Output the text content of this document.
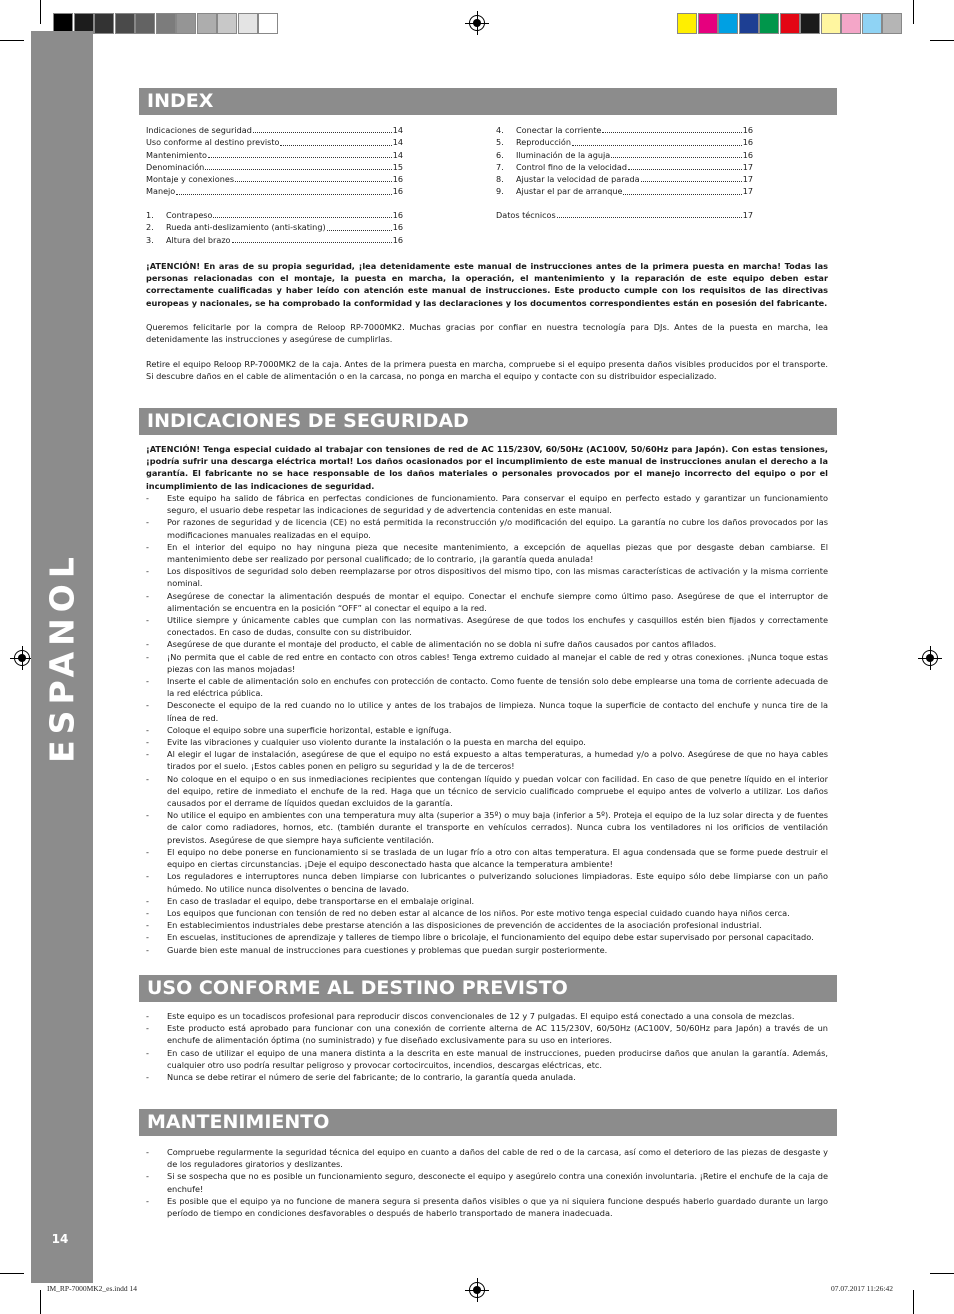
ESPANOL
14
INDEX
Indicaciones de seguridad	14
Uso conforme al destino previsto	14
Mantenimiento	14
Denominación	15
Montaje y conexiones	16
Manejo	16
1.	Contrapeso	16
2.	Rueda anti-deslizamiento (anti-skating)	16
3.	Altura del brazo	16
4.	Conectar la corriente	16
5.	Reproducción	16
6.	Iluminación de la aguja	16
7.	Control fino de la velocidad	17
8.	Ajustar la velocidad de parada	17
9.	Ajustar el par de arranque	17
Datos técnicos	17
¡ATENCIÓN! En aras de su propia seguridad, ¡lea detenidamente este manual de instrucciones antes de la primera puesta en marcha! Todas las personas relacionadas con el montaje, la puesta en marcha, la operación, el mantenimiento y la reparación de este equipo deben estar correctamente cualificadas y haber leído con atención este manual de instrucciones. Este producto cumple con los requisitos de las directivas europeas y nacionales, se ha comprobado la conformidad y las declaraciones y los documentos correspondientes están en posesión del fabricante.
Queremos felicitarle por la compra de Reloop RP-7000MK2. Muchas gracias por confiar en nuestra tecnología para DJs. Antes de la puesta en marcha, lea detenidamente las instrucciones y asegúrese de cumplirlas.
Retire el equipo Reloop RP-7000MK2 de la caja. Antes de la primera puesta en marcha, compruebe si el equipo presenta daños visibles producidos por el transporte. Si descubre daños en el cable de alimentación o en la carcasa, no ponga en marcha el equipo y contacte con su distribuidor especializado.
INDICACIONES DE SEGURIDAD
¡ATENCIÓN! Tenga especial cuidado al trabajar con tensiones de red de AC 115/230V, 60/50Hz (AC100V, 50/60Hz para Japón). Con estas tensiones, ¡podría sufrir una descarga eléctrica mortal! Los daños ocasionados por el incumplimiento de este manual de instrucciones anulan el derecho a la garantía. El fabricante no se hace responsable de los daños materiales o personales provocados por el manejo incorrecto del equipo o por el incumplimiento de las indicaciones de seguridad.
-	Este equipo ha salido de fábrica en perfectas condiciones de funcionamiento. Para conservar el equipo en perfecto estado y garantizar un funcionamiento seguro, el usuario debe respetar las indicaciones de seguridad y de advertencia contenidas en este manual.
-	Por razones de seguridad y de licencia (CE) no está permitida la reconstrucción y/o modificación del equipo. La garantía no cubre los daños provocados por las modificaciones manuales realizadas en el equipo.
-	En el interior del equipo no hay ninguna pieza que necesite mantenimiento, a excepción de aquellas piezas que por desgaste deban cambiarse. El mantenimiento debe ser realizado por personal cualificado; de lo contrario, ¡la garantía queda anulada!
-	Los dispositivos de seguridad solo deben reemplazarse por otros dispositivos del mismo tipo, con las mismas características de activación y la misma corriente nominal.
-	Asegúrese de conectar la alimentación después de montar el equipo. Conectar el enchufe siempre como último paso. Asegúrese de que el interruptor de alimentación se encuentra en la posición “OFF” al conectar el equipo a la red.
-	Utilice siempre y únicamente cables que cumplan con las normativas. Asegúrese de que todos los enchufes y casquillos estén bien fijados y correctamente conectados. En caso de dudas, consulte con su distribuidor.
-	Asegúrese de que durante el montaje del producto, el cable de alimentación no se dobla ni sufre daños causados por cantos afilados.
-	¡No permita que el cable de red entre en contacto con otros cables! Tenga extremo cuidado al manejar el cable de red y otras conexiones. ¡Nunca toque estas piezas con las manos mojadas!
-	Inserte el cable de alimentación solo en enchufes con protección de contacto. Como fuente de tensión solo debe emplearse una toma de corriente adecuada de la red eléctrica pública.
-	Desconecte el equipo de la red cuando no lo utilice y antes de los trabajos de limpieza. Nunca toque la superficie de contacto del enchufe y nunca tire de la línea de red.
-	Coloque el equipo sobre una superficie horizontal, estable e ignífuga.
-	Evite las vibraciones y cualquier uso violento durante la instalación o la puesta en marcha del equipo.
-	Al elegir el lugar de instalación, asegúrese de que el equipo no está expuesto a altas temperaturas, a humedad y/o a polvo. Asegúrese de que no haya cables tirados por el suelo. ¡Estos cables ponen en peligro su seguridad y la de de terceros!
-	No coloque en el equipo o en sus inmediaciones recipientes que contengan líquido y puedan volcar con facilidad. En caso de que penetre líquido en el interior del equipo, retire de inmediato el enchufe de la red. Haga que un técnico de servicio cualificado compruebe el equipo antes de volverlo a utilizar. Los daños causados por el derrame de líquidos quedan excluidos de la garantía.
-	No utilice el equipo en ambientes con una temperatura muy alta (superior a 35º) o muy baja (inferior a 5º). Proteja el equipo de la luz solar directa y de fuentes de calor como radiadores, hornos, etc. (también durante el transporte en vehículos cerrados). Nunca cubra los ventiladores ni los orificios de ventilación previstos. Asegúrese de que siempre haya suficiente ventilación.
-	El equipo no debe ponerse en funcionamiento si se traslada de un lugar frío a otro con altas temperatura. El agua condensada que se forme puede destruir el equipo en ciertas circunstancias. ¡Deje el equipo desconectado hasta que alcance la temperatura ambiente!
-	Los reguladores e interruptores nunca deben limpiarse con lubricantes o pulverizando soluciones limpiadoras. Este equipo sólo debe limpiarse con un paño húmedo. No utilice nunca disolventes o bencina de lavado.
-	En caso de trasladar el equipo, debe transportarse en el embalaje original.
-	Los equipos que funcionan con tensión de red no deben estar al alcance de los niños. Por este motivo tenga especial cuidado cuando haya niños cerca.
-	En establecimientos industriales debe prestarse atención a las disposiciones de prevención de accidentes de la asociación profesional industrial.
-	En escuelas, instituciones de aprendizaje y talleres de tiempo libre o bricolaje, el funcionamiento del equipo debe estar supervisado por personal capacitado.
-	Guarde bien este manual de instrucciones para cuestiones y problemas que puedan surgir posteriormente.
USO CONFORME AL DESTINO PREVISTO
-	Este equipo es un tocadiscos profesional para reproducir discos convencionales de 12 y 7 pulgadas. El equipo está conectado a una consola de mezclas.
-	Este producto está aprobado para funcionar con una conexión de corriente alterna de AC 115/230V, 60/50Hz (AC100V, 50/60Hz para Japón) a través de un enchufe de alimentación óptima (no suministrado) y fue diseñado exclusivamente para su uso en interiores.
-	En caso de utilizar el equipo de una manera distinta a la descrita en este manual de instrucciones, pueden producirse daños que anulan la garantía. Además, cualquier otro uso podría resultar peligroso y provocar cortocircuitos, incendios, descargas eléctricas, etc.
-	Nunca se debe retirar el número de serie del fabricante; de lo contrario, la garantía queda anulada.
MANTENIMIENTO
-	Compruebe regularmente la seguridad técnica del equipo en cuanto a daños del cable de red o de la carcasa, así como el deterioro de las piezas de desgaste y de los reguladores giratorios y deslizantes.
-	Si se sospecha que no es posible un funcionamiento seguro, desconecte el equipo y asegúrelo contra una conexión involuntaria. ¡Retire el enchufe de la caja de enchufe!
-	Es posible que el equipo ya no funcione de manera segura si presenta daños visibles o que ya ni siquiera funcione después haberlo guardado durante un largo período de tiempo en condiciones desfavorables o después de haberlo transportado de manera inadecuada.
IM_RP-7000MK2_es.indd 14	07.07.2017 11:26:42
